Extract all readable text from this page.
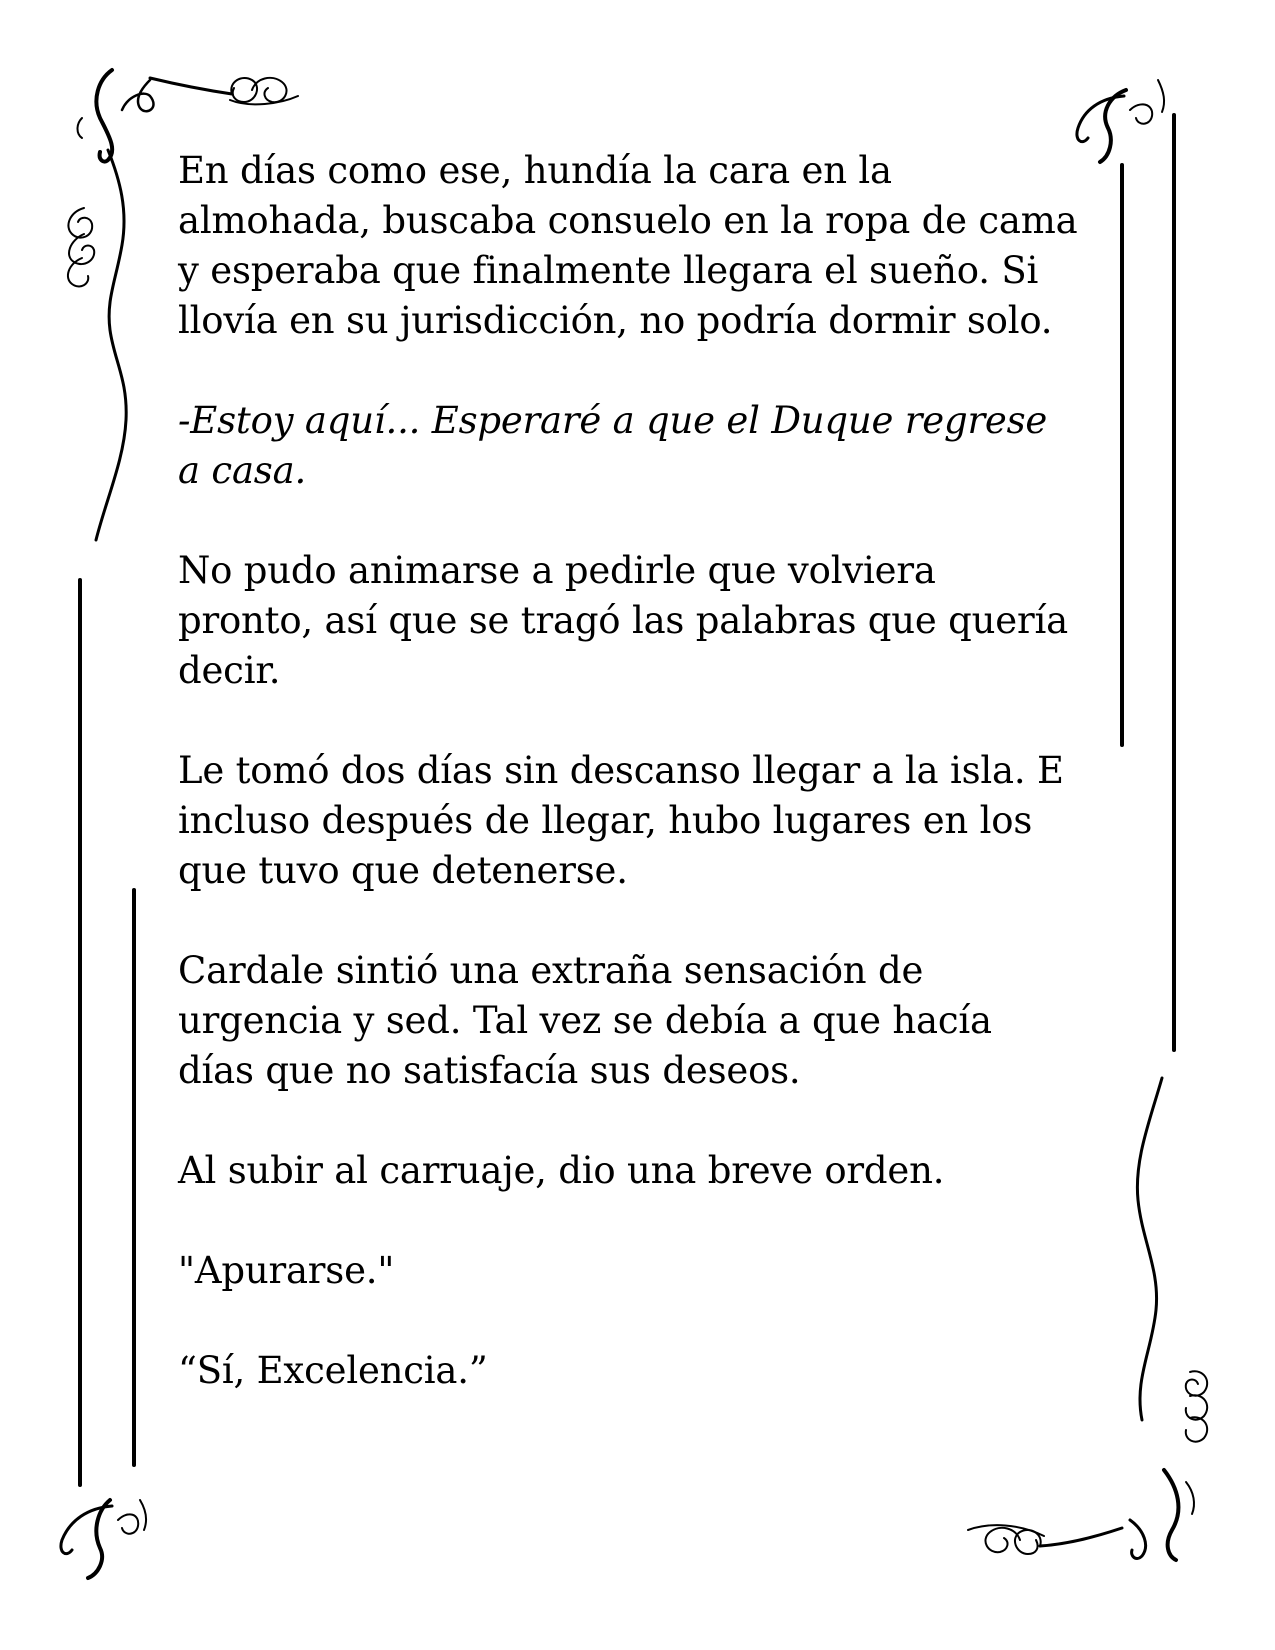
En días como ese, hundía la cara en la
almohada, buscaba consuelo en la ropa de cama
y esperaba que finalmente llegara el sueño. Si
llovía en su jurisdicción, no podría dormir solo.

-Estoy aquí... Esperaré a que el Duque regrese
a casa.

No pudo animarse a pedirle que volviera
pronto, así que se tragó las palabras que quería
decir.

Le tomó dos días sin descanso llegar a la isla. E
incluso después de llegar, hubo lugares en los
que tuvo que detenerse.

Cardale sintió una extraña sensación de
urgencia y sed. Tal vez se debía a que hacía
días que no satisfacía sus deseos.

Al subir al carruaje, dio una breve orden.

"Apurarse."

“Sí, Excelencia.”
